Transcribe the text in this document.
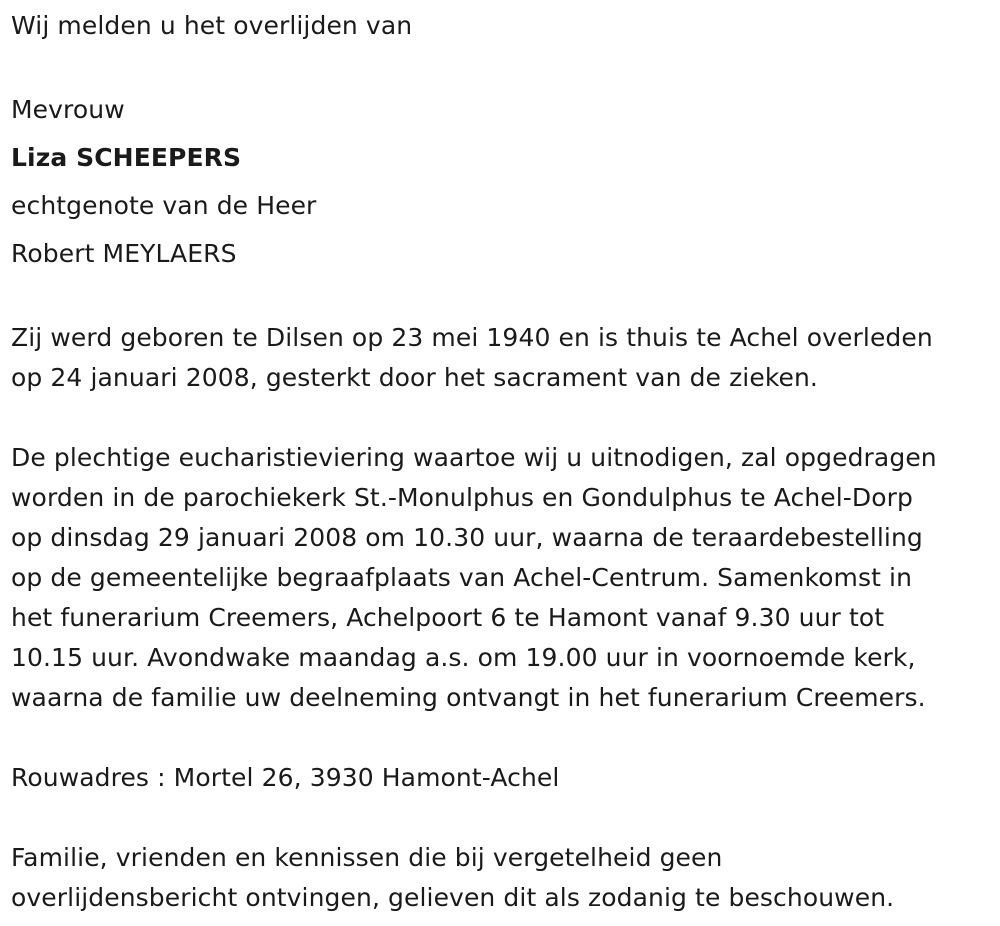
Wij melden u het overlijden van
Mevrouw
Liza SCHEEPERS
echtgenote van de Heer
Robert MEYLAERS
Zij werd geboren te Dilsen op 23 mei 1940 en is thuis te Achel overleden
op 24 januari 2008, gesterkt door het sacrament van de zieken.
De plechtige eucharistieviering waartoe wij u uitnodigen, zal opgedragen
worden in de parochiekerk St.-Monulphus en Gondulphus te Achel-Dorp
op dinsdag 29 januari 2008 om 10.30 uur, waarna de teraardebestelling
op de gemeentelijke begraafplaats van Achel-Centrum. Samenkomst in
het funerarium Creemers, Achelpoort 6 te Hamont vanaf 9.30 uur tot
10.15 uur. Avondwake maandag a.s. om 19.00 uur in voornoemde kerk,
waarna de familie uw deelneming ontvangt in het funerarium Creemers.
Rouwadres : Mortel 26, 3930 Hamont-Achel
Familie, vrienden en kennissen die bij vergetelheid geen
overlijdensbericht ontvingen, gelieven dit als zodanig te beschouwen.
